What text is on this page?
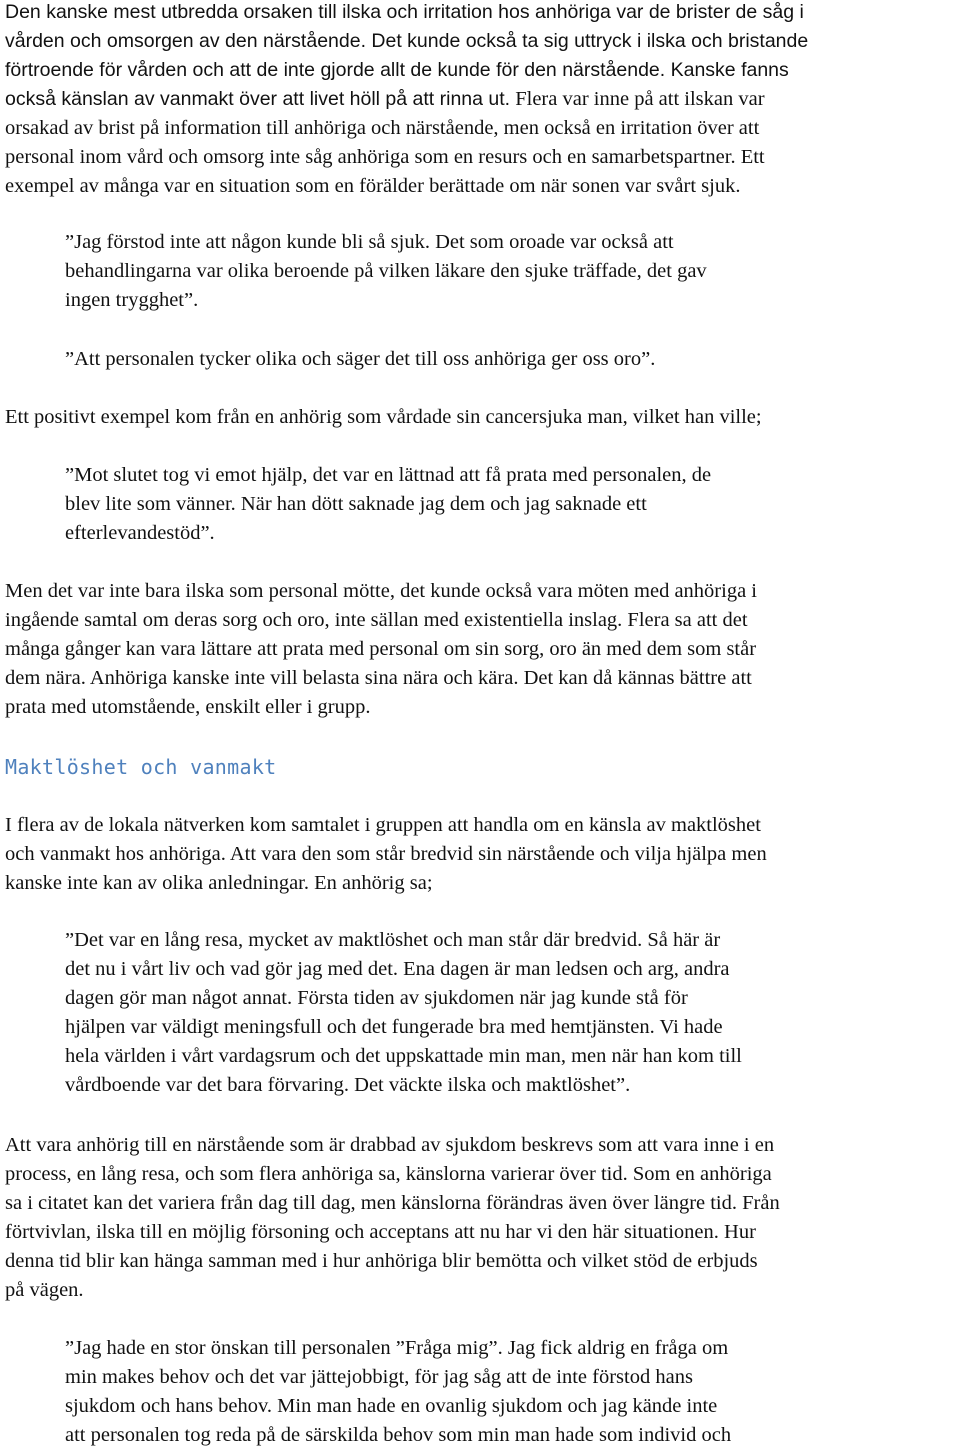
Den kanske mest utbredda orsaken till ilska och irritation hos anhöriga var de brister de såg i
vården och omsorgen av den närstående. Det kunde också ta sig uttryck i ilska och bristande
förtroende för vården och att de inte gjorde allt de kunde för den närstående. Kanske fanns
också känslan av vanmakt över att livet höll på att rinna ut. Flera var inne på att ilskan var
orsakad av brist på information till anhöriga och närstående, men också en irritation över att
personal inom vård och omsorg inte såg anhöriga som en resurs och en samarbetspartner. Ett
exempel av många var en situation som en förälder berättade om när sonen var svårt sjuk.
”Jag förstod inte att någon kunde bli så sjuk. Det som oroade var också att
behandlingarna var olika beroende på vilken läkare den sjuke träffade, det gav
ingen trygghet”.
”Att personalen tycker olika och säger det till oss anhöriga ger oss oro”.
Ett positivt exempel kom från en anhörig som vårdade sin cancersjuka man, vilket han ville;
”Mot slutet tog vi emot hjälp, det var en lättnad att få prata med personalen, de
blev lite som vänner. När han dött saknade jag dem och jag saknade ett
efterlevandestöd”.
Men det var inte bara ilska som personal mötte, det kunde också vara möten med anhöriga i
ingående samtal om deras sorg och oro, inte sällan med existentiella inslag. Flera sa att det
många gånger kan vara lättare att prata med personal om sin sorg, oro än med dem som står
dem nära. Anhöriga kanske inte vill belasta sina nära och kära. Det kan då kännas bättre att
prata med utomstående, enskilt eller i grupp.
Maktlöshet och vanmakt
I flera av de lokala nätverken kom samtalet i gruppen att handla om en känsla av maktlöshet
och vanmakt hos anhöriga. Att vara den som står bredvid sin närstående och vilja hjälpa men
kanske inte kan av olika anledningar. En anhörig sa;
”Det var en lång resa, mycket av maktlöshet och man står där bredvid. Så här är
det nu i vårt liv och vad gör jag med det. Ena dagen är man ledsen och arg, andra
dagen gör man något annat. Första tiden av sjukdomen när jag kunde stå för
hjälpen var väldigt meningsfull och det fungerade bra med hemtjänsten. Vi hade
hela världen i vårt vardagsrum och det uppskattade min man, men när han kom till
vårdboende var det bara förvaring. Det väckte ilska och maktlöshet”.
Att vara anhörig till en närstående som är drabbad av sjukdom beskrevs som att vara inne i en
process, en lång resa, och som flera anhöriga sa, känslorna varierar över tid. Som en anhöriga
sa i citatet kan det variera från dag till dag, men känslorna förändras även över längre tid. Från
förtvivlan, ilska till en möjlig försoning och acceptans att nu har vi den här situationen. Hur
denna tid blir kan hänga samman med i hur anhöriga blir bemötta och vilket stöd de erbjuds
på vägen.
”Jag hade en stor önskan till personalen ”Fråga mig”. Jag fick aldrig en fråga om
min makes behov och det var jättejobbigt, för jag såg att de inte förstod hans
sjukdom och hans behov. Min man hade en ovanlig sjukdom och jag kände inte
att personalen tog reda på de särskilda behov som min man hade som individ och
